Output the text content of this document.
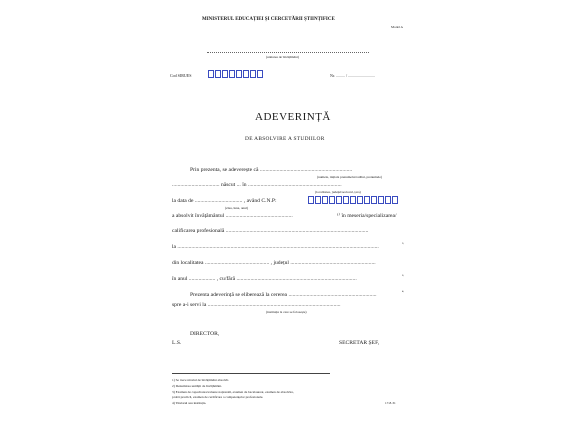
MINISTERUL EDUCAȚIEI ȘI CERCETĂRII ȘTIINȚIFICE
Model A
(unitatea de învățământ)
Cod SIRUES	Nr. ......... / ...........................
ADEVERINȚĂ
DE ABSOLVIRE A STUDIILOR
Prin prezenta, se adeverește că ..................................................................
(numele, inițiala prenumelui tatălui, prenumele)
.................................. născut ... în ...................................................................
(localitatea, județul/sectorul, țara)
la data de .................................. , având C.N.P:
(ziua, luna, anul)
a absolvit învățământul ................................................	¹⁾ în meseria/specializarea/
calificarea profesională ......................................................................................................
la ................................................................................................................................................	²⁾
din localitatea .............................................. , județul .............................................................
în anul ................... , cu/fără ......................................................................................	³⁾
Prezenta adeverință se eliberează la cererea ...............................................................	⁴⁾
spre a-i servi la ...............................................................................................
(instituția la care se folosește)
DIRECTOR,
L.S.	SECRETAR ȘEF,
1) Se trece nivelul de învățământ absolvit.
2) Denumirea unității de învățământ.
3) Examen de capacitate/evaluare națională, examen de bacalaureat, examen de absolvire,
probă practică, examen de certificare a competențelor profesionale.
4) Titularul sau instituția.	17-8-31
